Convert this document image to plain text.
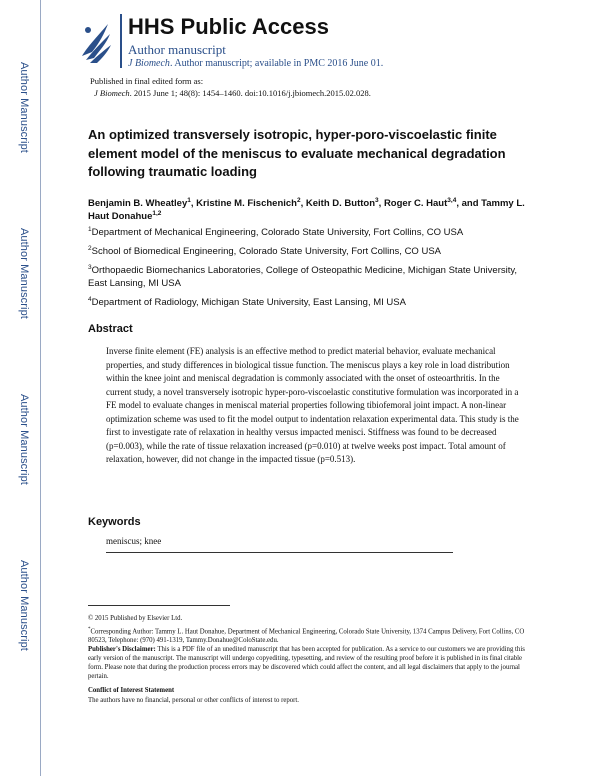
Author Manuscript
Author Manuscript
Author Manuscript
Author Manuscript
HHS Public Access
Author manuscript
J Biomech. Author manuscript; available in PMC 2016 June 01.
Published in final edited form as:
J Biomech. 2015 June 1; 48(8): 1454–1460. doi:10.1016/j.jbiomech.2015.02.028.
An optimized transversely isotropic, hyper-poro-viscoelastic finite element model of the meniscus to evaluate mechanical degradation following traumatic loading
Benjamin B. Wheatley$^1$, Kristine M. Fischenich$^2$, Keith D. Button$^3$, Roger C. Haut$^{3,4}$, and Tammy L. Haut Donahue$^{1,2}$
$^1$Department of Mechanical Engineering, Colorado State University, Fort Collins, CO USA
$^2$School of Biomedical Engineering, Colorado State University, Fort Collins, CO USA
$^3$Orthopaedic Biomechanics Laboratories, College of Osteopathic Medicine, Michigan State University, East Lansing, MI USA
$^4$Department of Radiology, Michigan State University, East Lansing, MI USA
Abstract
Inverse finite element (FE) analysis is an effective method to predict material behavior, evaluate mechanical properties, and study differences in biological tissue function. The meniscus plays a key role in load distribution within the knee joint and meniscal degradation is commonly associated with the onset of osteoarthritis. In the current study, a novel transversely isotropic hyper-poro-viscoelastic constitutive formulation was incorporated in a FE model to evaluate changes in meniscal material properties following tibiofemoral joint impact. A non-linear optimization scheme was used to fit the model output to indentation relaxation experimental data. This study is the first to investigate rate of relaxation in healthy versus impacted menisci. Stiffness was found to be decreased (p=0.003), while the rate of tissue relaxation increased (p=0.010) at twelve weeks post impact. Total amount of relaxation, however, did not change in the impacted tissue (p=0.513).
Keywords
meniscus; knee
© 2015 Published by Elsevier Ltd.
*Corresponding Author: Tammy L. Haut Donahue, Department of Mechanical Engineering, Colorado State University, 1374 Campus Delivery, Fort Collins, CO 80523, Telephone: (970) 491-1319, Tammy.Donahue@ColoState.edu.
Publisher's Disclaimer: This is a PDF file of an unedited manuscript that has been accepted for publication. As a service to our customers we are providing this early version of the manuscript. The manuscript will undergo copyediting, typesetting, and review of the resulting proof before it is published in its final citable form. Please note that during the production process errors may be discovered which could affect the content, and all legal disclaimers that apply to the journal pertain.
Conflict of Interest Statement
The authors have no financial, personal or other conflicts of interest to report.
